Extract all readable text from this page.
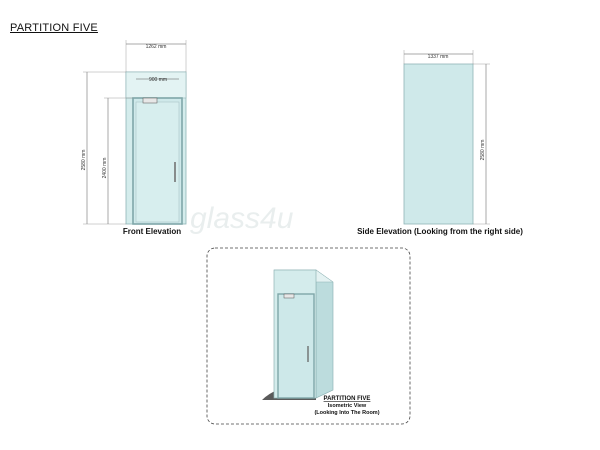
PARTITION FIVE
glass4u
1262 mm
900 mm
2580 mm	2400 mm
Front Elevation
1337 mm
2580 mm
Side Elevation (Looking from the right side)
PARTITION FIVE
Isometric View
(Looking Into The Room)
